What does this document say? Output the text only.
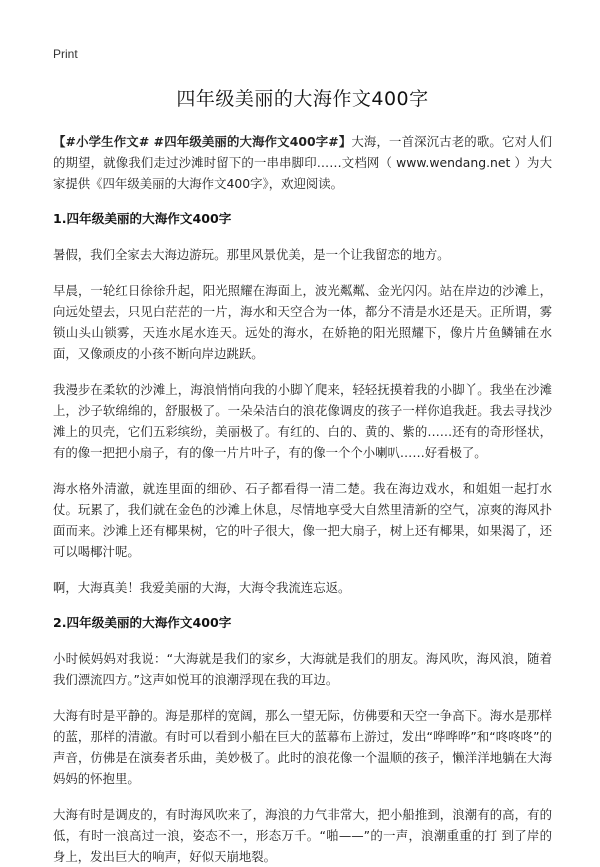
Print
四年级美丽的大海作文400字

【#小学生作文# #四年级美丽的大海作文400字#】大海，一首深沉古老的歌。它对人们的期望，就像我们走过沙滩时留下的一串串脚印……文档网（ www.wendang.net ）为大家提供《四年级美丽的大海作文400字》，欢迎阅读。

1.四年级美丽的大海作文400字

暑假，我们全家去大海边游玩。那里风景优美，是一个让我留恋的地方。

早晨，一轮红日徐徐升起，阳光照耀在海面上，波光粼粼、金光闪闪。站在岸边的沙滩上，向远处望去，只见白茫茫的一片，海水和天空合为一体，都分不清是水还是天。正所谓，雾锁山头山锁雾，天连水尾水连天。远处的海水，在娇艳的阳光照耀下，像片片鱼鳞铺在水面，又像顽皮的小孩不断向岸边跳跃。

我漫步在柔软的沙滩上，海浪悄悄向我的小脚丫爬来，轻轻抚摸着我的小脚丫。我坐在沙滩上，沙子软绵绵的，舒服极了。一朵朵洁白的浪花像调皮的孩子一样你追我赶。我去寻找沙滩上的贝壳，它们五彩缤纷，美丽极了。有红的、白的、黄的、紫的……还有的奇形怪状，有的像一把把小扇子，有的像一片片叶子，有的像一个个小喇叭……好看极了。

海水格外清澈，就连里面的细砂、石子都看得一清二楚。我在海边戏水，和姐姐一起打水仗。玩累了，我们就在金色的沙滩上休息，尽情地享受大自然里清新的空气，凉爽的海风扑面而来。沙滩上还有椰果树，它的叶子很大，像一把大扇子，树上还有椰果，如果渴了，还可以喝椰汁呢。

啊，大海真美！我爱美丽的大海，大海令我流连忘返。

2.四年级美丽的大海作文400字

小时候妈妈对我说：“大海就是我们的家乡，大海就是我们的朋友。海风吹，海风浪，随着我们漂流四方。”这声如悦耳的浪潮浮现在我的耳边。

大海有时是平静的。海是那样的宽阔，那么一望无际，仿佛要和天空一争高下。海水是那样的蓝，那样的清澈。有时可以看到小船在巨大的蓝幕布上游过，发出“哗哗哗”和“咚咚咚”的声音，仿佛是在演奏者乐曲，美妙极了。此时的浪花像一个温顺的孩子，懒洋洋地躺在大海妈妈的怀抱里。

大海有时是调皮的，有时海风吹来了，海浪的力气非常大，把小船推到，浪潮有的高，有的低，有时一浪高过一浪，姿态不一，形态万千。“啪——”的一声，浪潮重重的打 到了岸的身上，发出巨大的响声，好似天崩地裂。
